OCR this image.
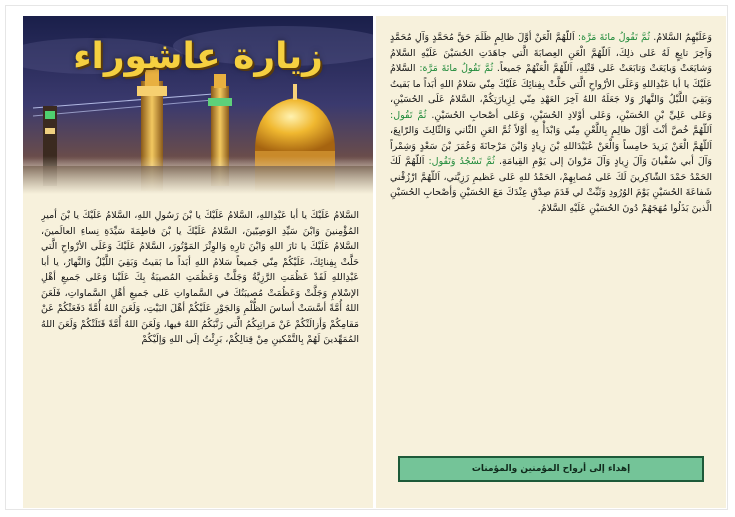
زيارة عاشوراء
السَّلامُ عَلَيْكَ يا أبا عَبْدِاللهِ، السَّلامُ عَلَيْكَ يا بْنَ رَسُولِ اللهِ، السَّلامُ عَلَيْكَ يا بْنَ أميرِ المُؤْمِنينَ وَابْنَ سَيِّدِ الوَصِيّينَ، السَّلامُ عَلَيْكَ يا بْنَ فاطِمَةَ سَيِّدَةِ نِساءِ العالَمينَ، السَّلامُ عَلَيْكَ يا ثارَ اللهِ وَابْنَ ثارِهِ وَالوِتْرَ المَوْتُورَ، السَّلامُ عَلَيْكَ وَعَلَى الأرْواحِ الَّتي حَلَّتْ بِفِنائِكَ، عَلَيْكُمْ مِنّي جَميعاً سَلامُ اللهِ أبَداً ما بَقيتُ وَبَقِيَ اللَّيْلُ وَالنَّهارُ، يا أبا عَبْدِاللهِ لَقَدْ عَظُمَتِ الرَّزِيَّةُ وَجَلَّتْ وَعَظُمَتِ المُصيبَةُ بِكَ عَلَيْنا وَعَلى جَميعِ أهْلِ الإسْلامِ وَجَلَّتْ وَعَظُمَتْ مُصيبَتُكَ في السَّماواتِ عَلى جَميعِ أهْلِ السَّماواتِ، فَلَعَنَ اللهُ أُمَّةً أسَّسَتْ أساسَ الظُّلْمِ وَالجَوْرِ عَلَيْكُمْ أهْلَ البَيْتِ، وَلَعَنَ اللهُ أُمَّةً دَفَعَتْكُمْ عَنْ مَقامِكُمْ وَأزالَتْكُمْ عَنْ مَراتِبِكُمُ الَّتي رَتَّبَكُمُ اللهُ فيها، وَلَعَنَ اللهُ أُمَّةً قَتَلَتْكُمْ وَلَعَنَ اللهُ المُمَهِّدينَ لَهُمْ بِالتَّمْكينِ مِنْ قِتالِكُمْ، بَرِئْتُ إلَى اللهِ وَإلَيْكُمْ
وَعَلَيْهِمُ السَّلامُ. ثُمَّ تَقُولُ مائةَ مَرَّة: اَللّهُمَّ الْعَنْ أوَّلَ ظالِمٍ ظَلَمَ حَقَّ مُحَمَّدٍ وَآلِ مُحَمَّدٍ وَآخِرَ تابِعٍ لَهُ عَلى ذلِكَ، اَللّهُمَّ الْعَنِ العِصابَةَ الَّتي جاهَدَتِ الحُسَيْنَ عَلَيْهِ السَّلامُ وَشايَعَتْ وَبايَعَتْ وَتابَعَتْ عَلى قَتْلِهِ، اَللّهُمَّ الْعَنْهُمْ جَميعاً. ثُمَّ تَقُولُ مائةَ مَرَّة: السَّلامُ عَلَيْكَ يا أبا عَبْدِاللهِ وَعَلَى الأرْواحِ الَّتي حَلَّتْ بِفِنائِكَ عَلَيْكَ مِنّي سَلامُ اللهِ أبَداً ما بَقيتُ وَبَقِيَ اللَّيْلُ وَالنَّهارُ وَلا جَعَلَهُ اللهُ آخِرَ العَهْدِ مِنّي لِزِيارَتِكُمْ، السَّلامُ عَلَى الحُسَيْنِ، وَعَلى عَلِيِّ بْنِ الحُسَيْنِ، وَعَلى أوْلادِ الحُسَيْنِ، وَعَلى أصْحابِ الحُسَيْنِ. ثُمَّ تَقُول: اَللّهُمَّ خُصَّ أنْتَ أوَّلَ ظالِمٍ بِاللَّعْنِ مِنّي وَابْدَأْ بِهِ أوَّلاً ثُمَّ العَنِ الثّاني وَالثّالِثَ وَالرّابِعَ، اَللّهُمَّ الْعَنْ يَزيدَ خامِساً وَالْعَنْ عُبَيْدَاللهِ بْنَ زِيادٍ وَابْنَ مَرْجانَةَ وَعُمَرَ بْنَ سَعْدٍ وَشِمْراً وَآلَ أبي سُفْيانَ وَآلَ زِيادٍ وَآلَ مَرْوانَ إلى يَوْمِ القِيامَةِ. ثُمَّ تَسْجُدُ وَتَقُول: اَللّهُمَّ لَكَ الحَمْدُ حَمْدَ الشّاكِرينَ لَكَ عَلى مُصابِهِمْ، الحَمْدُ للهِ عَلى عَظيمِ رَزِيَّتي، اَللّهُمَّ ارْزُقْني شَفاعَةَ الحُسَيْنِ يَوْمَ الوُرُودِ وَثَبِّتْ لي قَدَمَ صِدْقٍ عِنْدَكَ مَعَ الحُسَيْنِ وَأصْحابِ الحُسَيْنِ الَّذينَ بَذَلُوا مُهَجَهُمْ دُونَ الحُسَيْنِ عَلَيْهِ السَّلامُ.
إهداء إلى أرواح المؤمنين والمؤمنات
